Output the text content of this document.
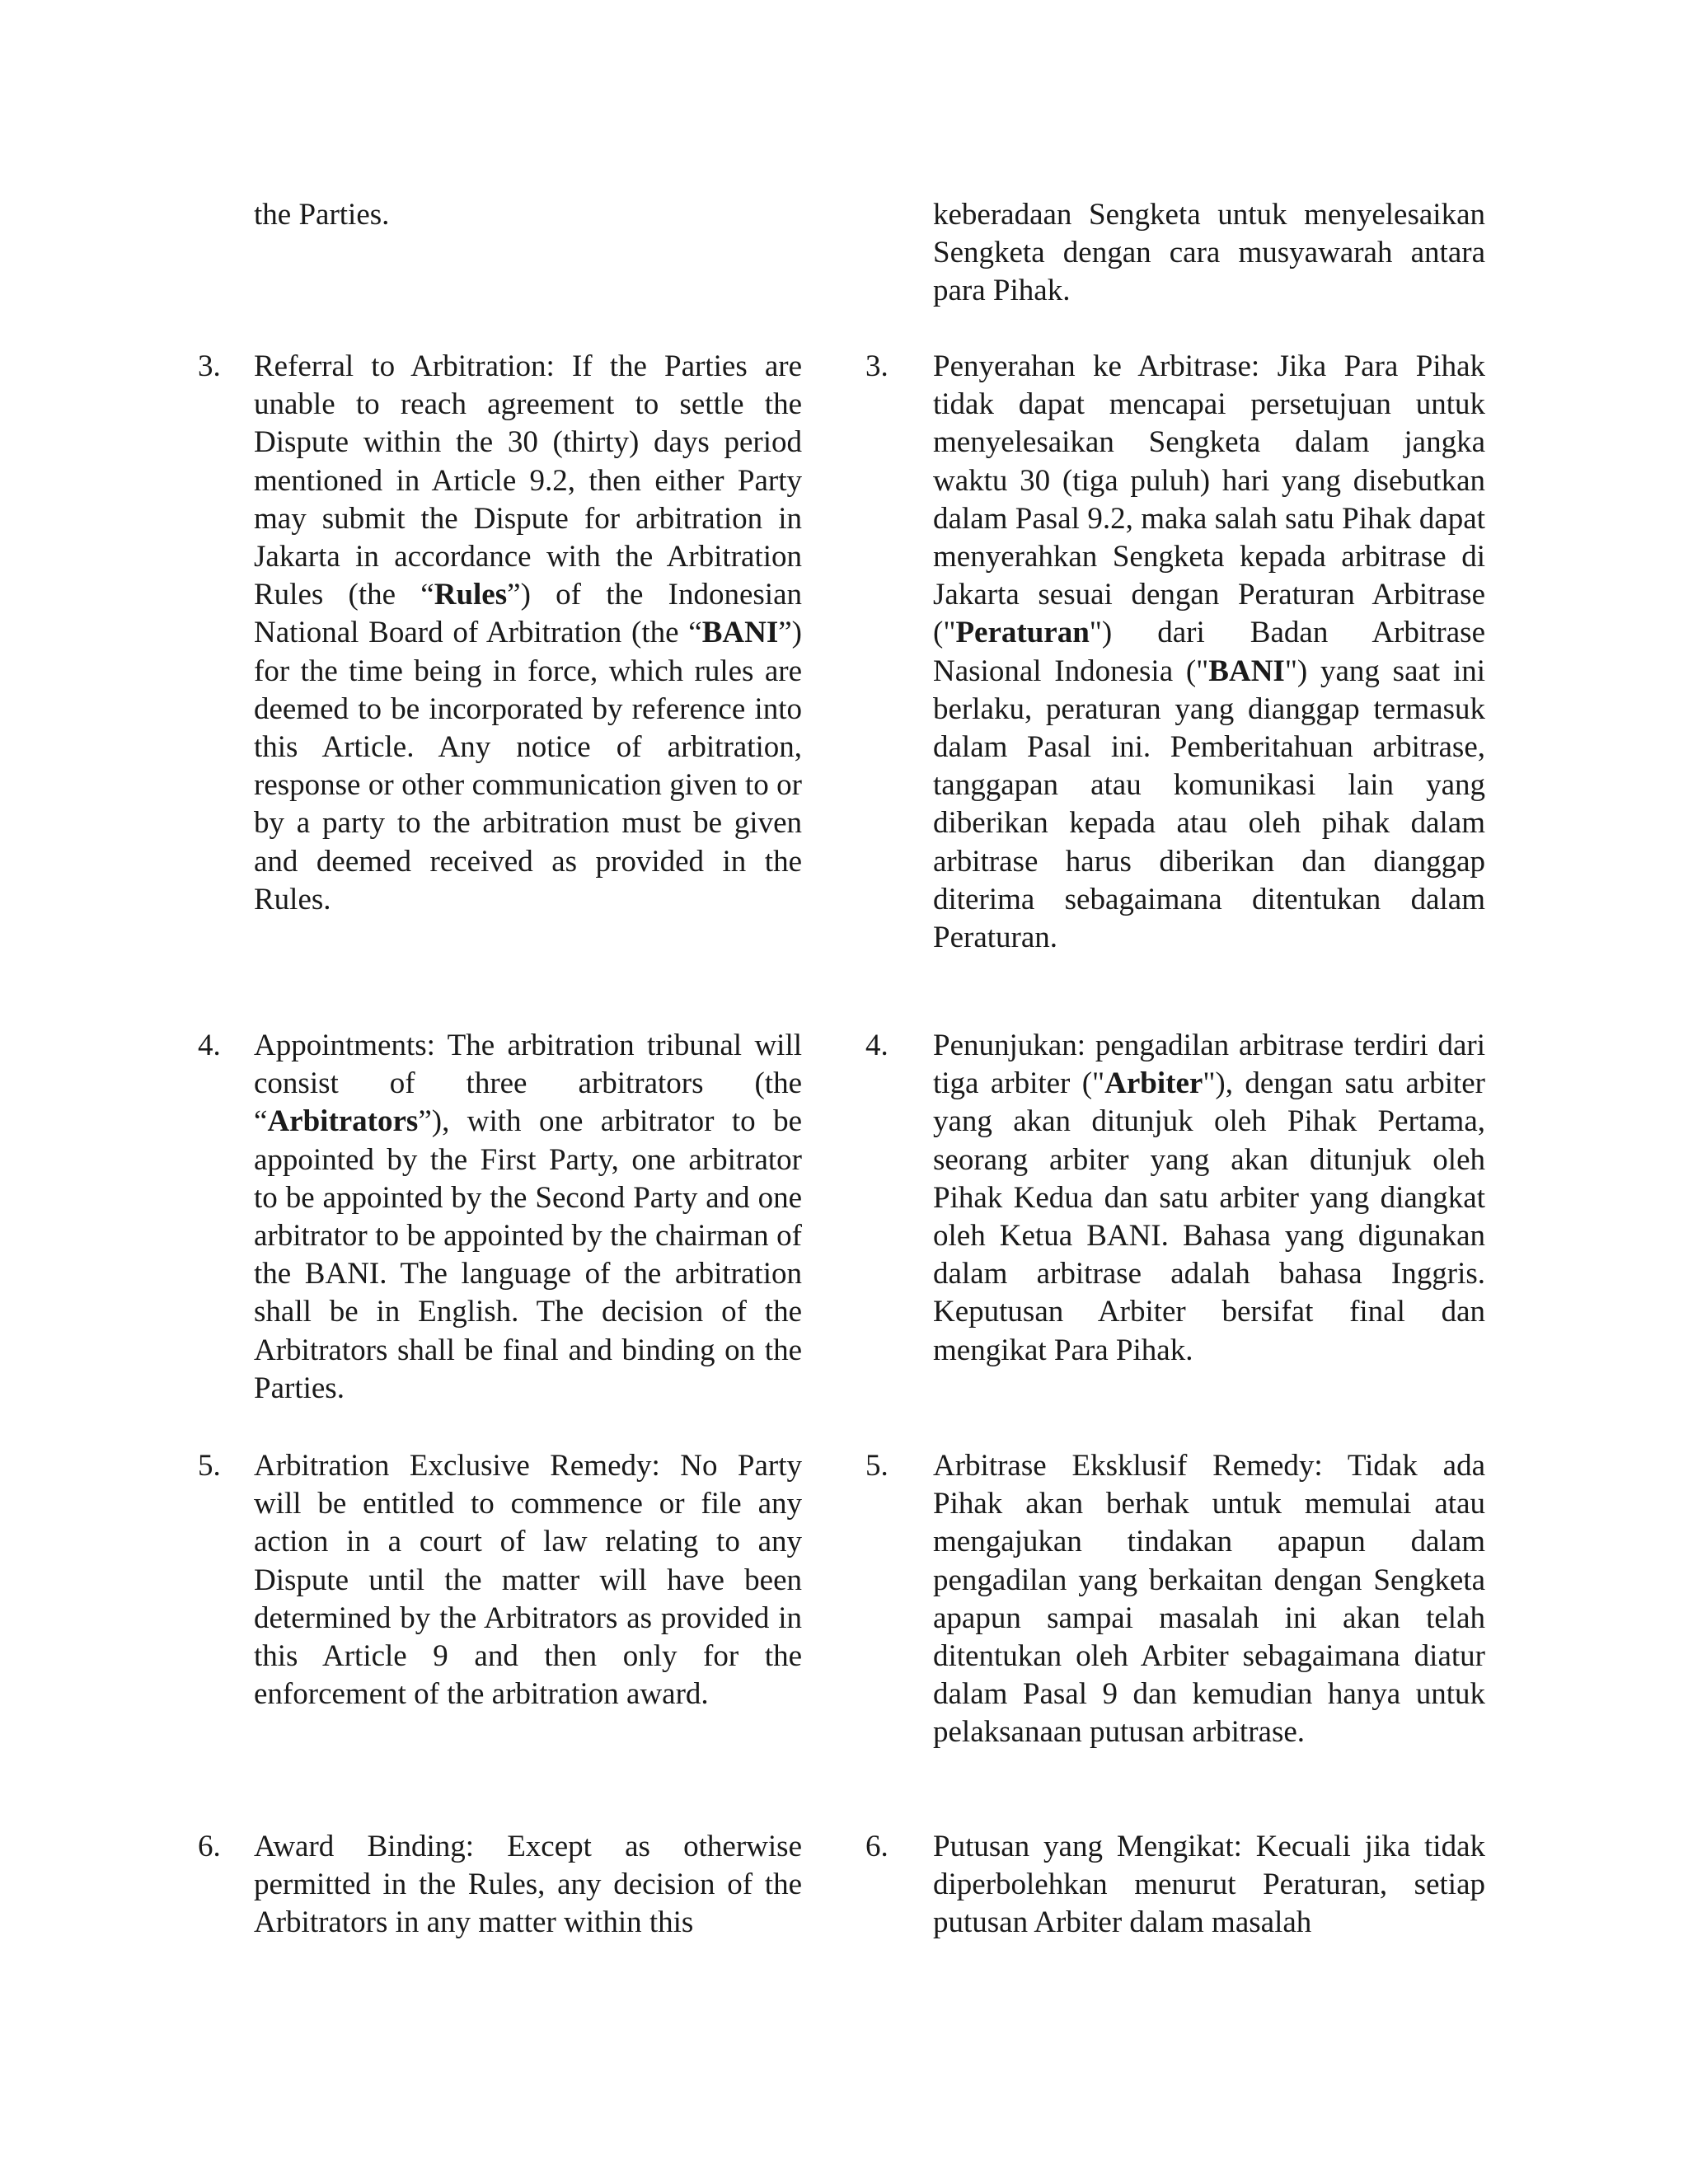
the Parties.
3.	Referral to Arbitration: If the Parties are unable to reach agreement to settle the Dispute within the 30 (thirty) days period mentioned in Article 9.2, then either Party may submit the Dispute for arbitration in Jakarta in accordance with the Arbitration Rules (the “Rules”) of the Indonesian National Board of Arbitration (the “BANI”) for the time being in force, which rules are deemed to be incorporated by reference into this Article. Any notice of arbitration, response or other communication given to or by a party to the arbitration must be given and deemed received as provided in the Rules.
4.	Appointments: The arbitration tribunal will consist of three arbitrators (the “Arbitrators”), with one arbitrator to be appointed by the First Party, one arbitrator to be appointed by the Second Party and one arbitrator to be appointed by the chairman of the BANI. The language of the arbitration shall be in English. The decision of the Arbitrators shall be final and binding on the Parties.
5.	Arbitration Exclusive Remedy: No Party will be entitled to commence or file any action in a court of law relating to any Dispute until the matter will have been determined by the Arbitrators as provided in this Article 9 and then only for the enforcement of the arbitration award.
6.	Award Binding: Except as otherwise permitted in the Rules, any decision of the Arbitrators in any matter within this
keberadaan Sengketa untuk menyelesaikan Sengketa dengan cara musyawarah antara para Pihak.
3.	Penyerahan ke Arbitrase: Jika Para Pihak tidak dapat mencapai persetujuan untuk menyelesaikan Sengketa dalam jangka waktu 30 (tiga puluh) hari yang disebutkan dalam Pasal 9.2, maka salah satu Pihak dapat menyerahkan Sengketa kepada arbitrase di Jakarta sesuai dengan Peraturan Arbitrase ("Peraturan") dari Badan Arbitrase Nasional Indonesia ("BANI") yang saat ini berlaku, peraturan yang dianggap termasuk dalam Pasal ini. Pemberitahuan arbitrase, tanggapan atau komunikasi lain yang diberikan kepada atau oleh pihak dalam arbitrase harus diberikan dan dianggap diterima sebagaimana ditentukan dalam Peraturan.
4.	Penunjukan: pengadilan arbitrase terdiri dari tiga arbiter ("Arbiter"), dengan satu arbiter yang akan ditunjuk oleh Pihak Pertama, seorang arbiter yang akan ditunjuk oleh Pihak Kedua dan satu arbiter yang diangkat oleh Ketua BANI. Bahasa yang digunakan dalam arbitrase adalah bahasa Inggris. Keputusan Arbiter bersifat final dan mengikat Para Pihak.
5.	Arbitrase Eksklusif Remedy: Tidak ada Pihak akan berhak untuk memulai atau mengajukan tindakan apapun dalam pengadilan yang berkaitan dengan Sengketa apapun sampai masalah ini akan telah ditentukan oleh Arbiter sebagaimana diatur dalam Pasal 9 dan kemudian hanya untuk pelaksanaan putusan arbitrase.
6.	Putusan yang Mengikat: Kecuali jika tidak diperbolehkan menurut Peraturan, setiap putusan Arbiter dalam masalah
